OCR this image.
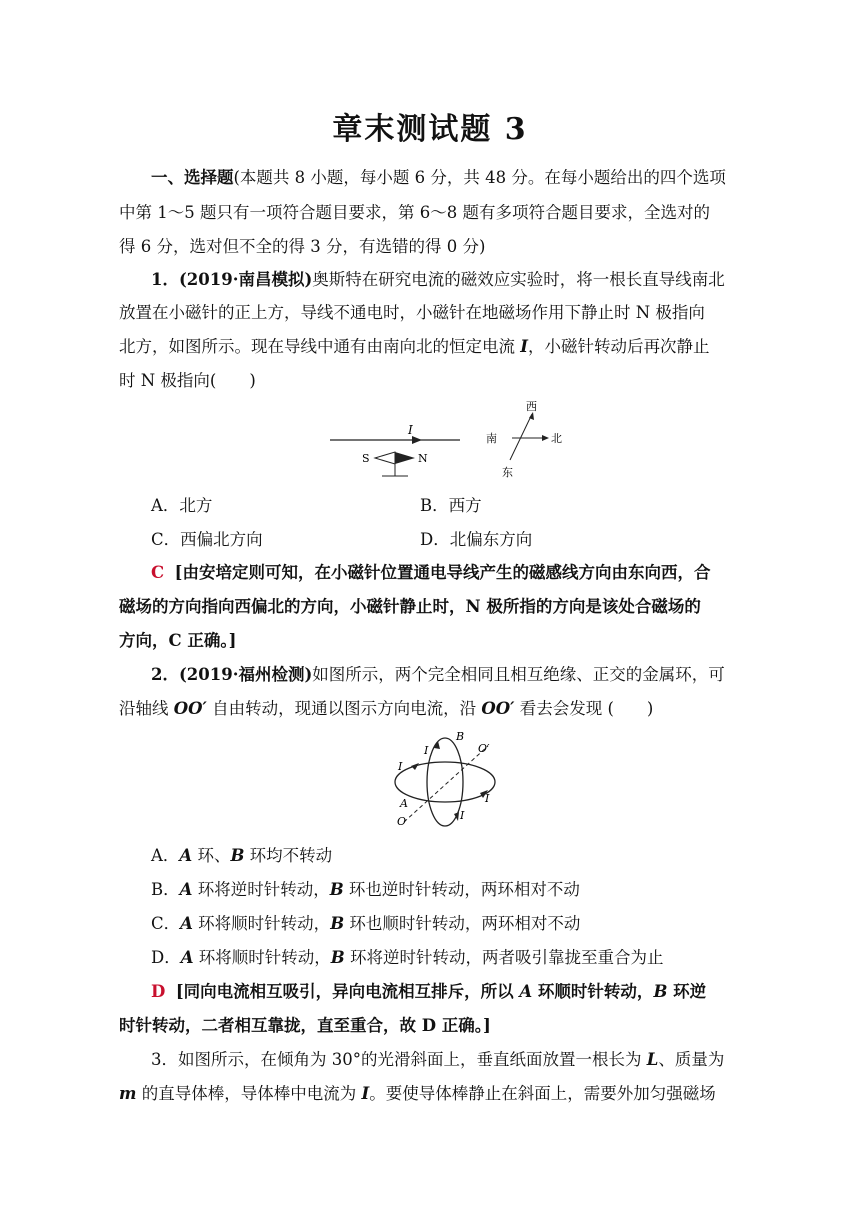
章末测试题 3
一、选择题(本题共 8 小题，每小题 6 分，共 48 分。在每小题给出的四个选项
中第 1～5 题只有一项符合题目要求，第 6～8 题有多项符合题目要求，全选对的
得 6 分，选对但不全的得 3 分，有选错的得 0 分)
1．(2019·南昌模拟)奥斯特在研究电流的磁效应实验时，将一根长直导线南北
放置在小磁针的正上方，导线不通电时，小磁针在地磁场作用下静止时 N 极指向
北方，如图所示。现在导线中通有由南向北的恒定电流 I，小磁针转动后再次静止
时 N 极指向(　　)
I
S	N
西
南	北
东
A．北方	B．西方
C．西偏北方向	D．北偏东方向
C [由安培定则可知，在小磁针位置通电导线产生的磁感线方向由东向西，合
磁场的方向指向西偏北的方向，小磁针静止时，N 极所指的方向是该处合磁场的
方向，C 正确。]
2．(2019·福州检测)如图所示，两个完全相同且相互绝缘、正交的金属环，可
沿轴线 OO′ 自由转动，现通以图示方向电流，沿 OO′ 看去会发现 (　　)
B
O′
I
I
I
I
A
O
A．A 环、B 环均不转动
B．A 环将逆时针转动，B 环也逆时针转动，两环相对不动
C．A 环将顺时针转动，B 环也顺时针转动，两环相对不动
D．A 环将顺时针转动，B 环将逆时针转动，两者吸引靠拢至重合为止
D [同向电流相互吸引，异向电流相互排斥，所以 A 环顺时针转动，B 环逆
时针转动，二者相互靠拢，直至重合，故 D 正确。]
3．如图所示，在倾角为 30°的光滑斜面上，垂直纸面放置一根长为 L、质量为
m 的直导体棒，导体棒中电流为 I。要使导体棒静止在斜面上，需要外加匀强磁场
